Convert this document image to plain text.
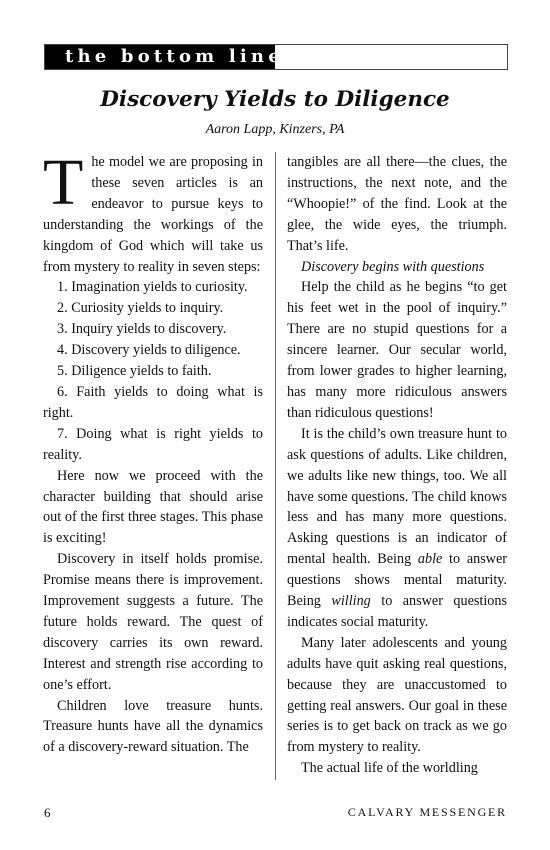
the bottom line
Discovery Yields to Diligence

Aaron Lapp, Kinzers, PA

The model we are proposing in these seven articles is an endeavor to pursue keys to understanding the workings of the kingdom of God which will take us from mystery to reality in seven steps:

1. Imagination yields to curiosity.
2. Curiosity yields to inquiry.
3. Inquiry yields to discovery.
4. Discovery yields to diligence.
5. Diligence yields to faith.
6. Faith yields to doing what is right.
7. Doing what is right yields to reality.

Here now we proceed with the character building that should arise out of the first three stages. This phase is exciting!

Discovery in itself holds promise. Promise means there is improvement. Improvement suggests a future. The future holds reward. The quest of discovery carries its own reward. Interest and strength rise according to one’s effort.

Children love treasure hunts. Treasure hunts have all the dynamics of a discovery-reward situation. The

tangibles are all there—the clues, the instructions, the next note, and the “Whoopie!” of the find. Look at the glee, the wide eyes, the triumph. That’s life.

Discovery begins with questions

Help the child as he begins “to get his feet wet in the pool of inquiry.” There are no stupid questions for a sincere learner. Our secular world, from lower grades to higher learning, has many more ridiculous answers than ridiculous questions!

It is the child’s own treasure hunt to ask questions of adults. Like children, we adults like new things, too. We all have some questions. The child knows less and has many more questions. Asking questions is an indicator of mental health. Being able to answer questions shows mental maturity. Being willing to answer questions indicates social maturity.

Many later adolescents and young adults have quit asking real questions, because they are unaccustomed to getting real answers. Our goal in these series is to get back on track as we go from mystery to reality.

The actual life of the worldling

6	CALVARY MESSENGER
